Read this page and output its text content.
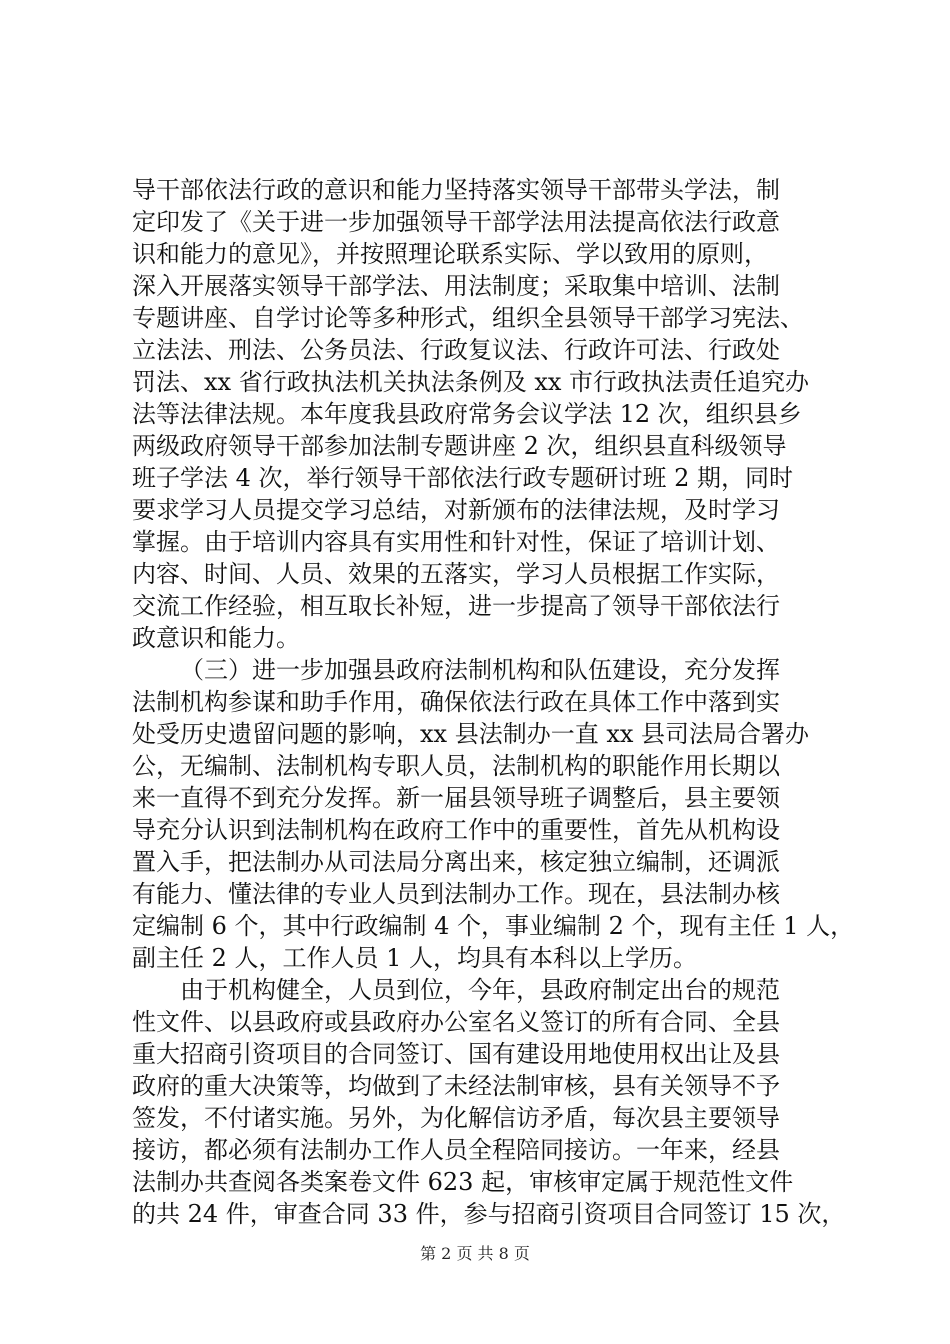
导干部依法行政的意识和能力坚持落实领导干部带头学法，制
定印发了《关于进一步加强领导干部学法用法提高依法行政意
识和能力的意见》，并按照理论联系实际、学以致用的原则，
深入开展落实领导干部学法、用法制度；采取集中培训、法制
专题讲座、自学讨论等多种形式，组织全县领导干部学习宪法、
立法法、刑法、公务员法、行政复议法、行政许可法、行政处
罚法、xx 省行政执法机关执法条例及 xx 市行政执法责任追究办
法等法律法规。本年度我县政府常务会议学法 12 次，组织县乡
两级政府领导干部参加法制专题讲座 2 次，组织县直科级领导
班子学法 4 次，举行领导干部依法行政专题研讨班 2 期，同时
要求学习人员提交学习总结，对新颁布的法律法规，及时学习
掌握。由于培训内容具有实用性和针对性，保证了培训计划、
内容、时间、人员、效果的五落实，学习人员根据工作实际，
交流工作经验，相互取长补短，进一步提高了领导干部依法行
政意识和能力。
（三）进一步加强县政府法制机构和队伍建设，充分发挥
法制机构参谋和助手作用，确保依法行政在具体工作中落到实
处受历史遗留问题的影响，xx 县法制办一直 xx 县司法局合署办
公，无编制、法制机构专职人员，法制机构的职能作用长期以
来一直得不到充分发挥。新一届县领导班子调整后，县主要领
导充分认识到法制机构在政府工作中的重要性，首先从机构设
置入手，把法制办从司法局分离出来，核定独立编制，还调派
有能力、懂法律的专业人员到法制办工作。现在，县法制办核
定编制 6 个，其中行政编制 4 个，事业编制 2 个，现有主任 1 人，
副主任 2 人，工作人员 1 人，均具有本科以上学历。
由于机构健全，人员到位，今年，县政府制定出台的规范
性文件、以县政府或县政府办公室名义签订的所有合同、全县
重大招商引资项目的合同签订、国有建设用地使用权出让及县
政府的重大决策等，均做到了未经法制审核，县有关领导不予
签发，不付诸实施。另外，为化解信访矛盾，每次县主要领导
接访，都必须有法制办工作人员全程陪同接访。一年来，经县
法制办共查阅各类案卷文件 623 起，审核审定属于规范性文件
的共 24 件，审查合同 33 件，参与招商引资项目合同签订 15 次，
第 2 页 共 8 页
